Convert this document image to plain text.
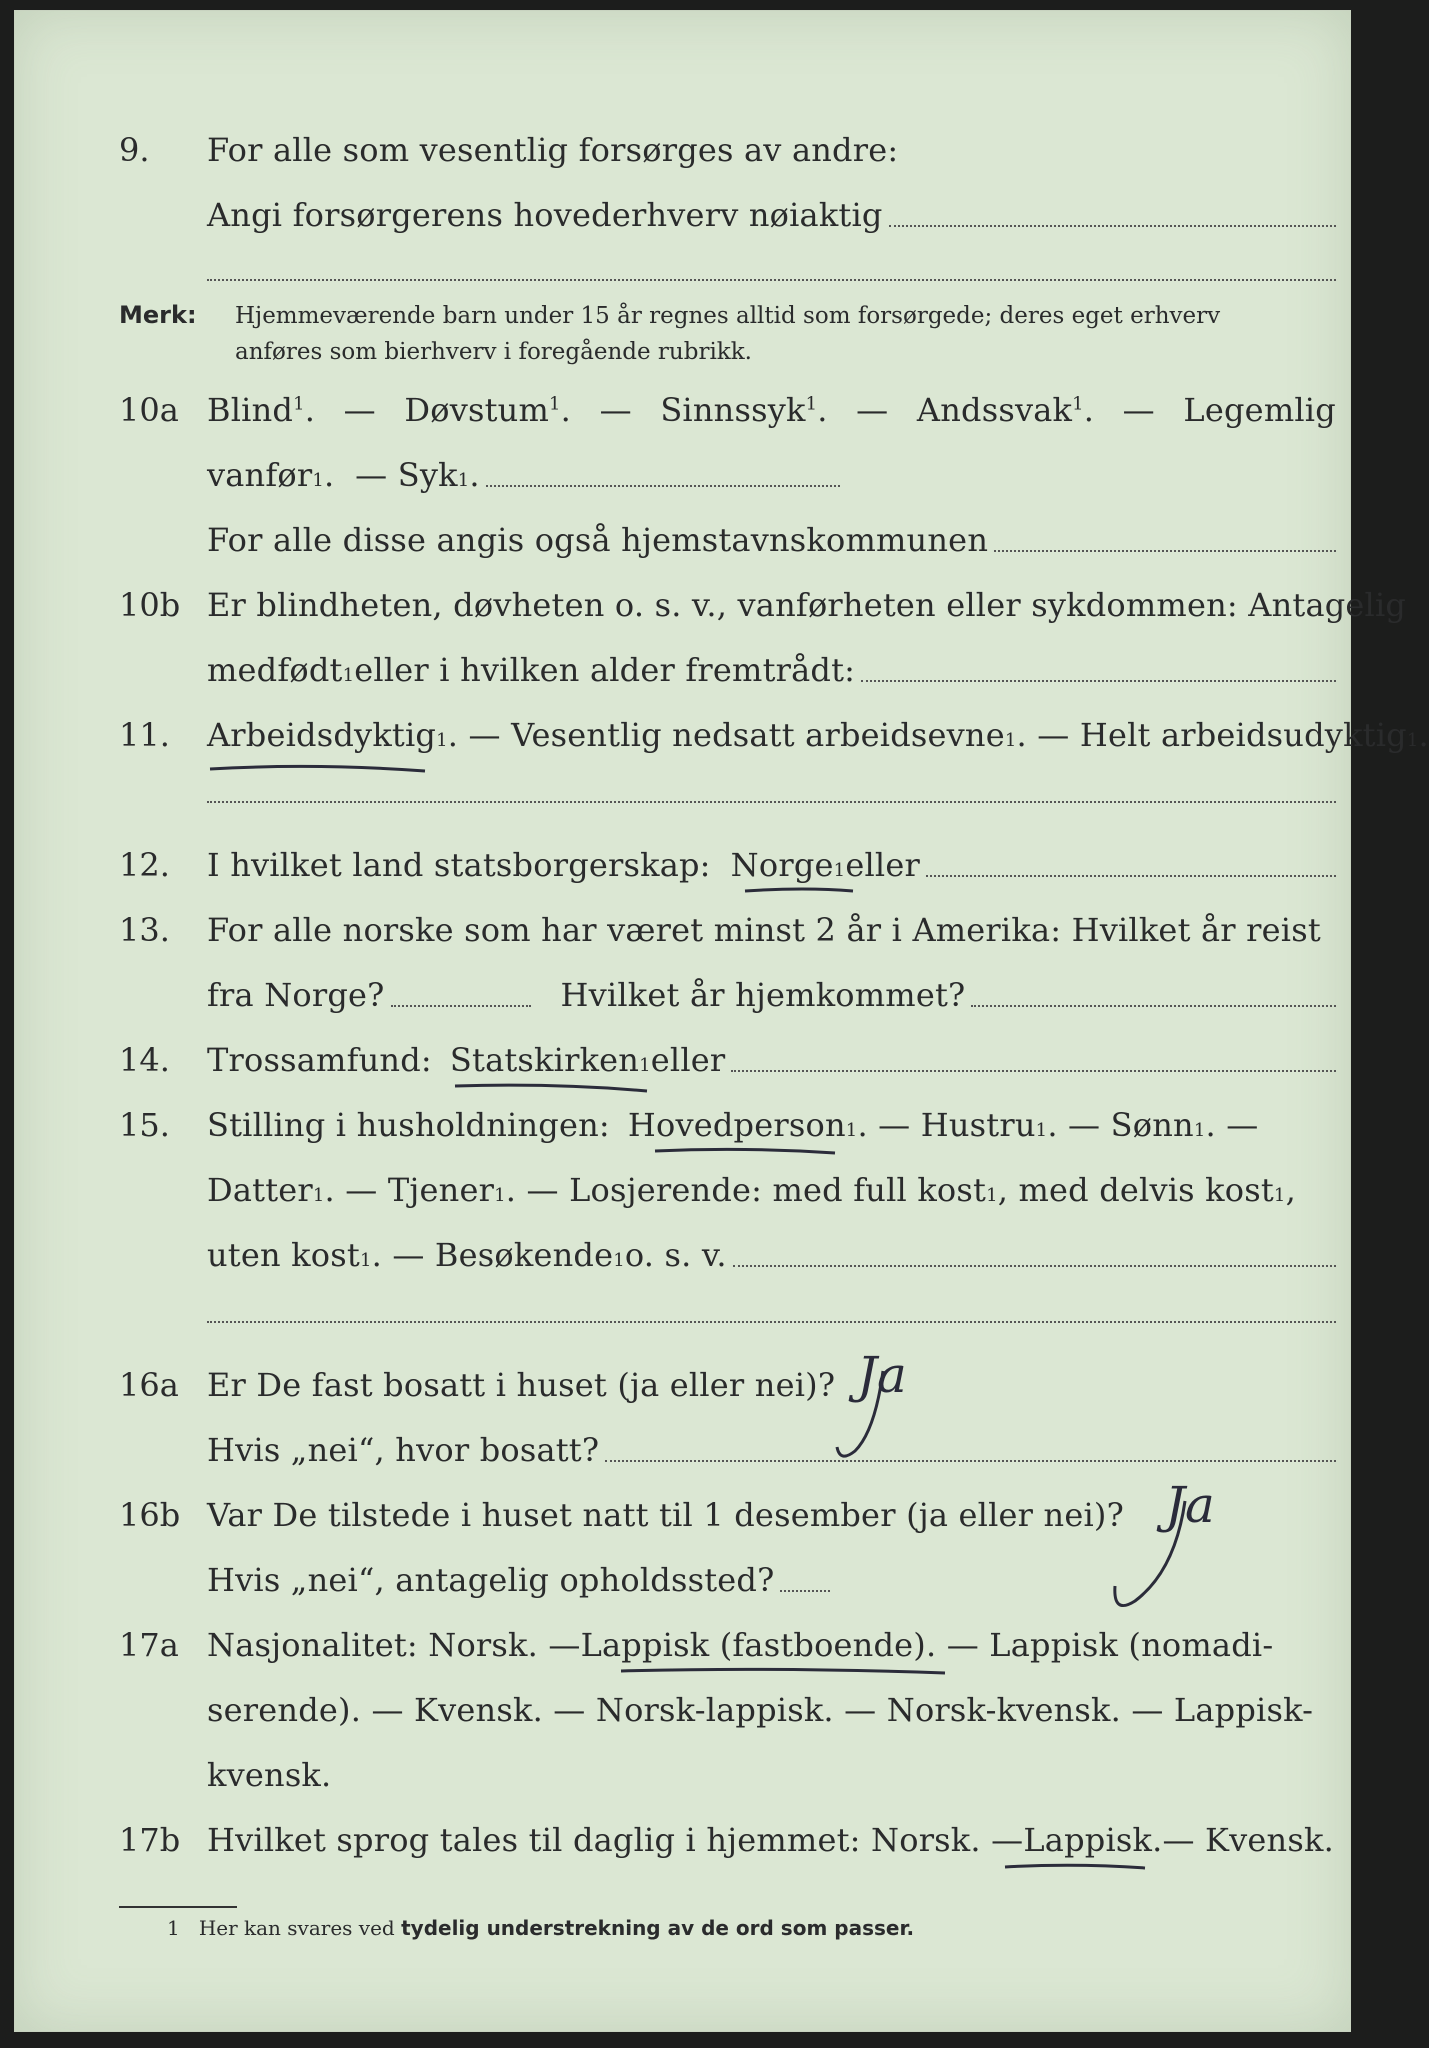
9. For alle som vesentlig forsørges av andre:
Angi forsørgerens hovederhverv nøiaktig
Merk: Hjemmeværende barn under 15 år regnes alltid som forsørgede; deres eget erhverv
anføres som bierhverv i foregående rubrikk.
10a Blind$^1$. — Døvstum$^1$. — Sinnssyk$^1$. — Andssvak$^1$. — Legemlig
vanfør 1 .  — Syk 1 .
For alle disse angis også hjemstavnskommunen
10b Er blindheten, døvheten o. s. v., vanførheten eller sykdommen: Antagelig
medfødt 1 eller i hvilken alder fremtrådt:
11. Arbeidsdyktig 1 . — Vesentlig nedsatt arbeidsevne 1 . — Helt arbeidsudyktig 1 .
12. I hvilket land statsborgerskap: Norge 1 eller
13. For alle norske som har været minst 2 år i Amerika: Hvilket år reist
fra Norge?	Hvilket år hjemkommet?
14. Trossamfund: Statskirken 1 eller
15. Stilling i husholdningen: Hovedperson 1 . — Hustru 1 . — Sønn 1 . —
Datter 1 . — Tjener 1 . — Losjerende: med full kost 1 , med delvis kost 1 ,
uten kost 1 . — Besøkende 1 o. s. v.
16a Er De fast bosatt i huset (ja eller nei)? Ja
Hvis „nei“, hvor bosatt?
16b Var De tilstede i huset natt til 1 desember (ja eller nei)? Ja
Hvis „nei“, antagelig opholdssted?
17a Nasjonalitet: Norsk. — Lappisk (fastboende) . — Lappisk (nomadi-
serende). — Kvensk. — Norsk-lappisk. — Norsk-kvensk. — Lappisk-
kvensk.
17b Hvilket sprog tales til daglig i hjemmet: Norsk. — Lappisk. — Kvensk.
1 Her kan svares ved tydelig understrekning av de ord som passer.
